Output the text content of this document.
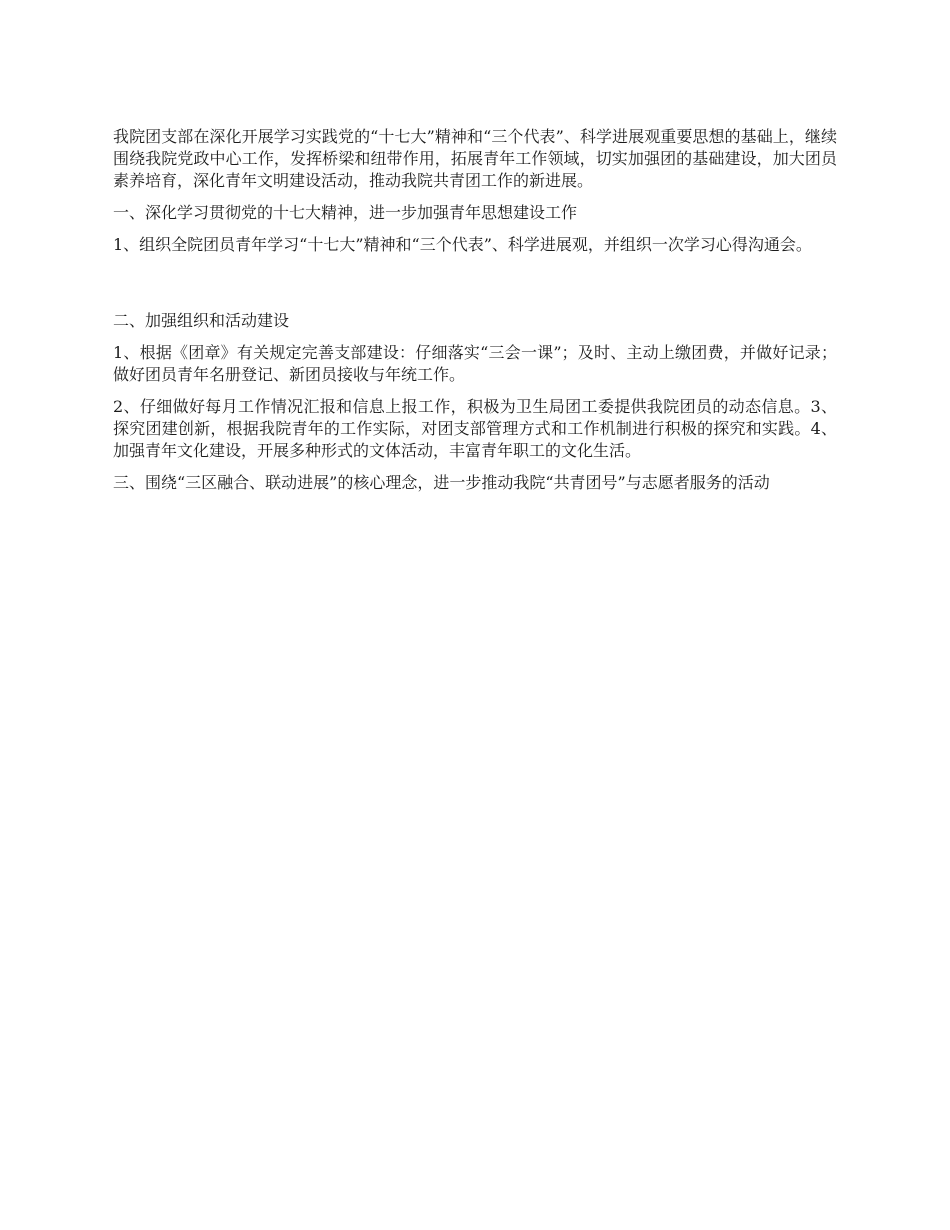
我院团支部在深化开展学习实践党的“十七大”精神和“三个代表”、科学进展观重要思想的基础上，继续围绕我院党政中心工作，发挥桥梁和纽带作用，拓展青年工作领域，切实加强团的基础建设，加大团员素养培育，深化青年文明建设活动，推动我院共青团工作的新进展。

一、深化学习贯彻党的十七大精神，进一步加强青年思想建设工作

1、组织全院团员青年学习“十七大”精神和“三个代表”、科学进展观，并组织一次学习心得沟通会。

二、加强组织和活动建设

1、根据《团章》有关规定完善支部建设：仔细落实“三会一课”；及时、主动上缴团费，并做好记录；做好团员青年名册登记、新团员接收与年统工作。

2、仔细做好每月工作情况汇报和信息上报工作，积极为卫生局团工委提供我院团员的动态信息。3、探究团建创新，根据我院青年的工作实际，对团支部管理方式和工作机制进行积极的探究和实践。4、加强青年文化建设，开展多种形式的文体活动，丰富青年职工的文化生活。

三、围绕“三区融合、联动进展”的核心理念，进一步推动我院“共青团号”与志愿者服务的活动
